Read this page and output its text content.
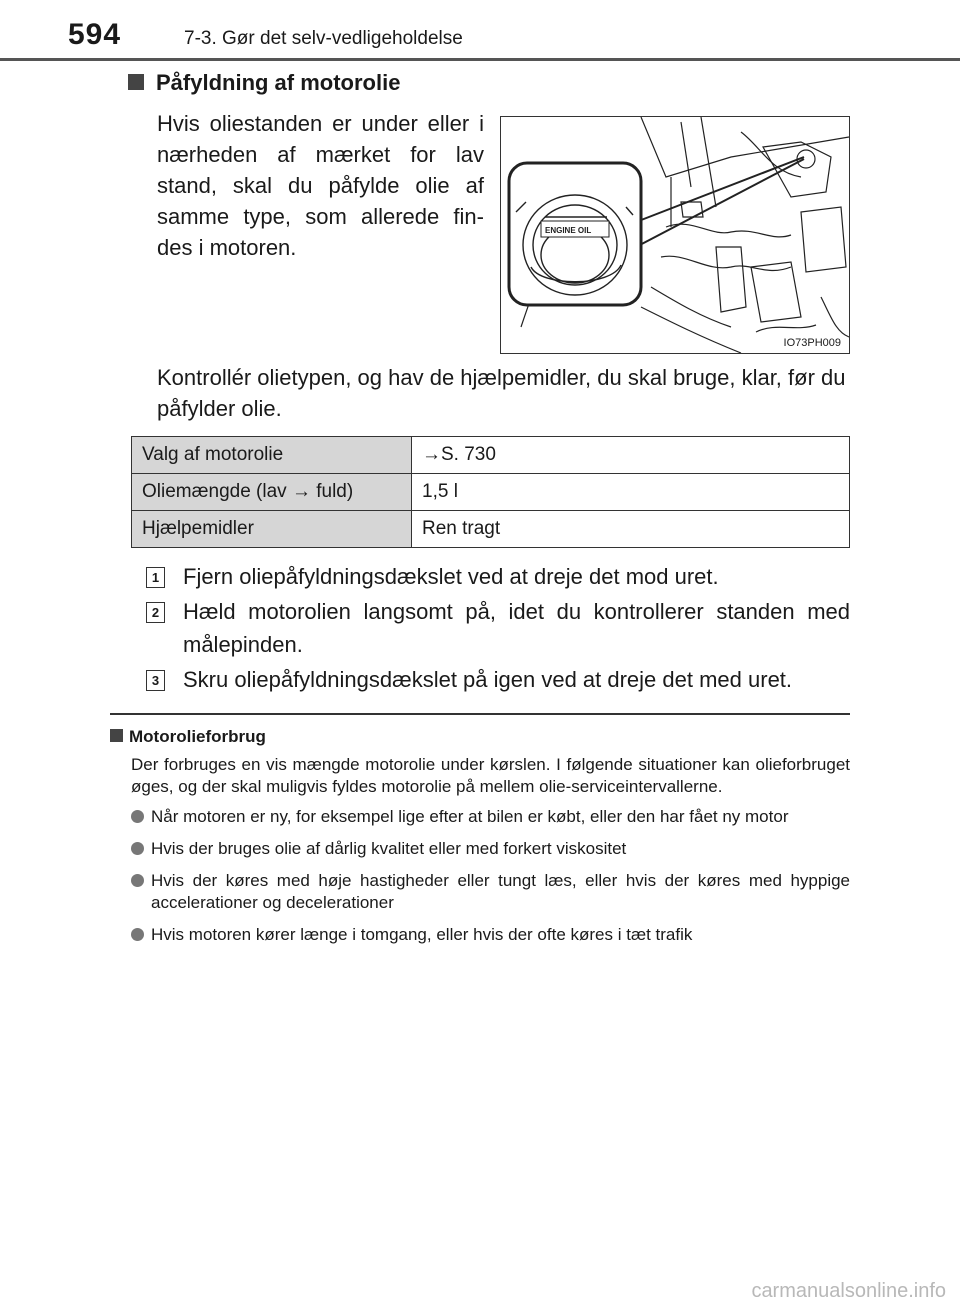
594	7-3. Gør det selv-vedligeholdelse
Påfyldning af motorolie
Hvis oliestanden er under eller i nærheden af mærket for lav stand, skal du påfylde olie af samme type, som allerede fin-des i motoren.
ENGINE OIL
IO73PH009
Kontrollér olietypen, og hav de hjælpemidler, du skal bruge, klar, før du påfylder olie.
Valg af motorolie	→S. 730
Oliemængde (lav → fuld)	1,5 l
Hjælpemidler	Ren tragt
1 Fjern oliepåfyldningsdækslet ved at dreje det mod uret.
2 Hæld motorolien langsomt på, idet du kontrollerer standen med målepinden.
3 Skru oliepåfyldningsdækslet på igen ved at dreje det med uret.
Motorolieforbrug
Der forbruges en vis mængde motorolie under kørslen. I følgende situationer kan olieforbruget øges, og der skal muligvis fyldes motorolie på mellem olie-serviceintervallerne.
Når motoren er ny, for eksempel lige efter at bilen er købt, eller den har fået ny motor
Hvis der bruges olie af dårlig kvalitet eller med forkert viskositet
Hvis der køres med høje hastigheder eller tungt læs, eller hvis der køres med hyppige accelerationer og decelerationer
Hvis motoren kører længe i tomgang, eller hvis der ofte køres i tæt trafik
carmanualsonline.info
